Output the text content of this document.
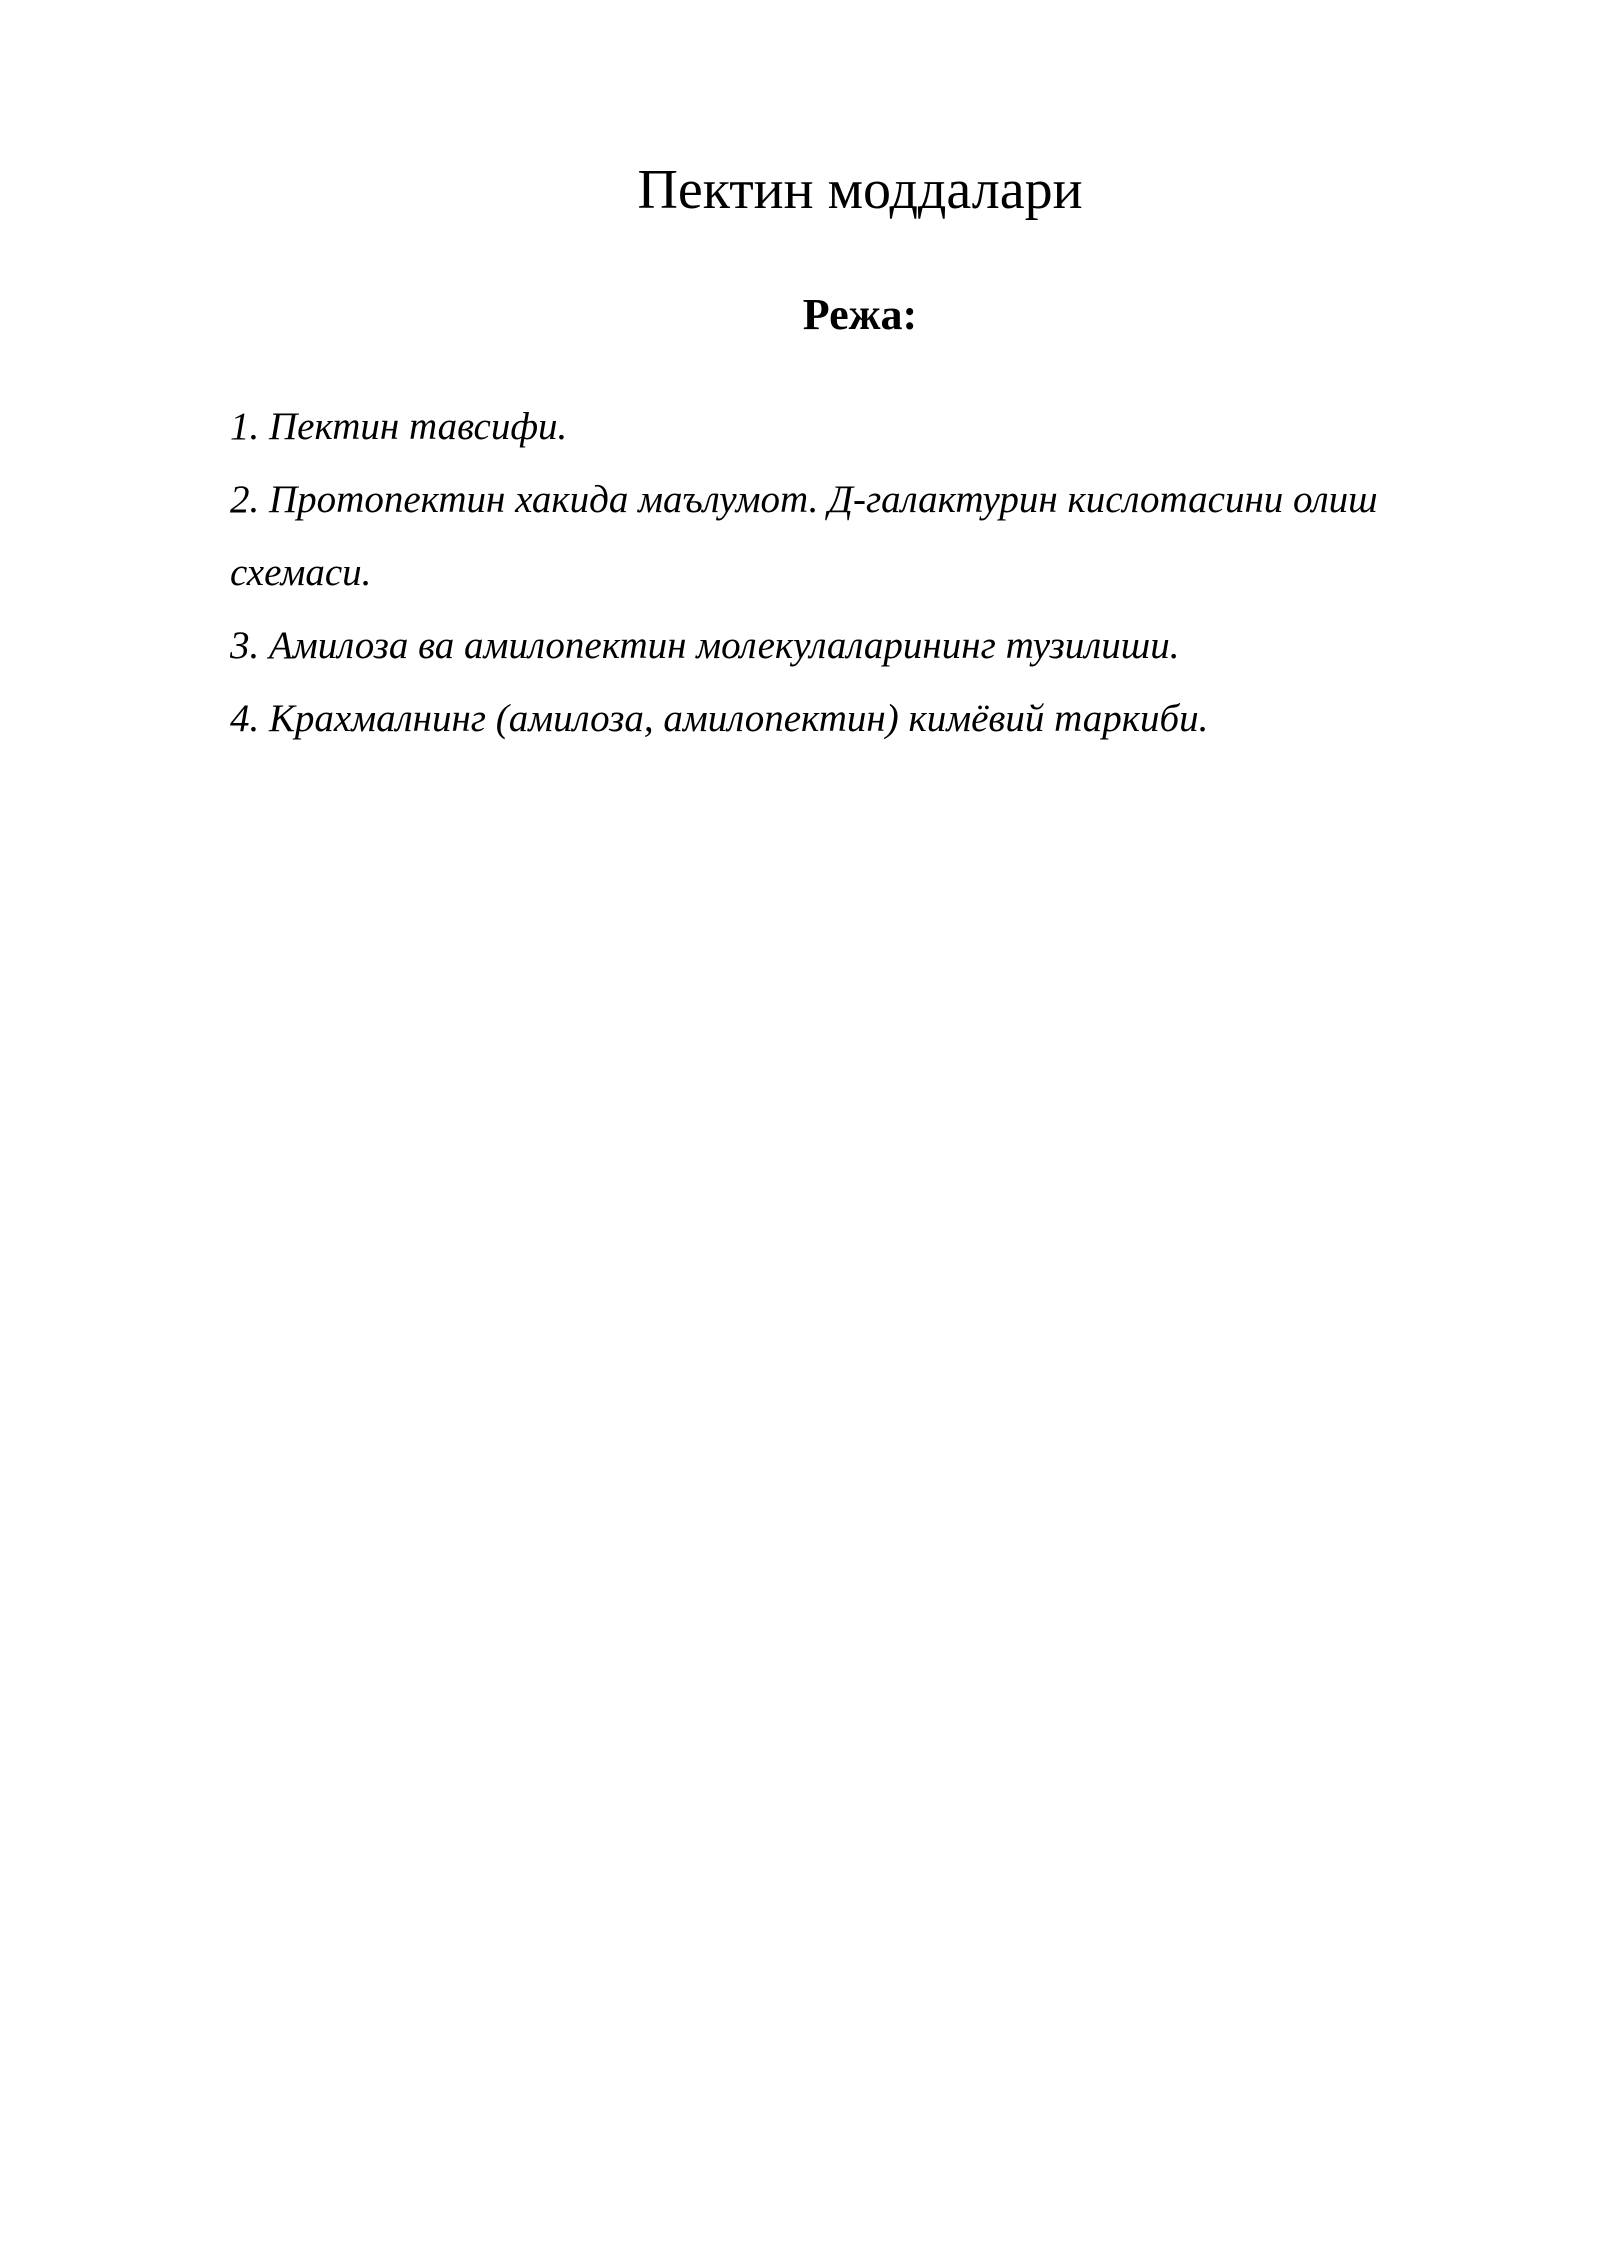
Пектин моддалари
Режа:
1. Пектин тавсифи.
2. Протопектин хакида маълумот. Д-галактурин кислотасини олиш схемаси.
3. Амилоза ва амилопектин молекулаларининг тузилиши.
4. Крахмалнинг (амилоза, амилопектин) кимёвий таркиби.
